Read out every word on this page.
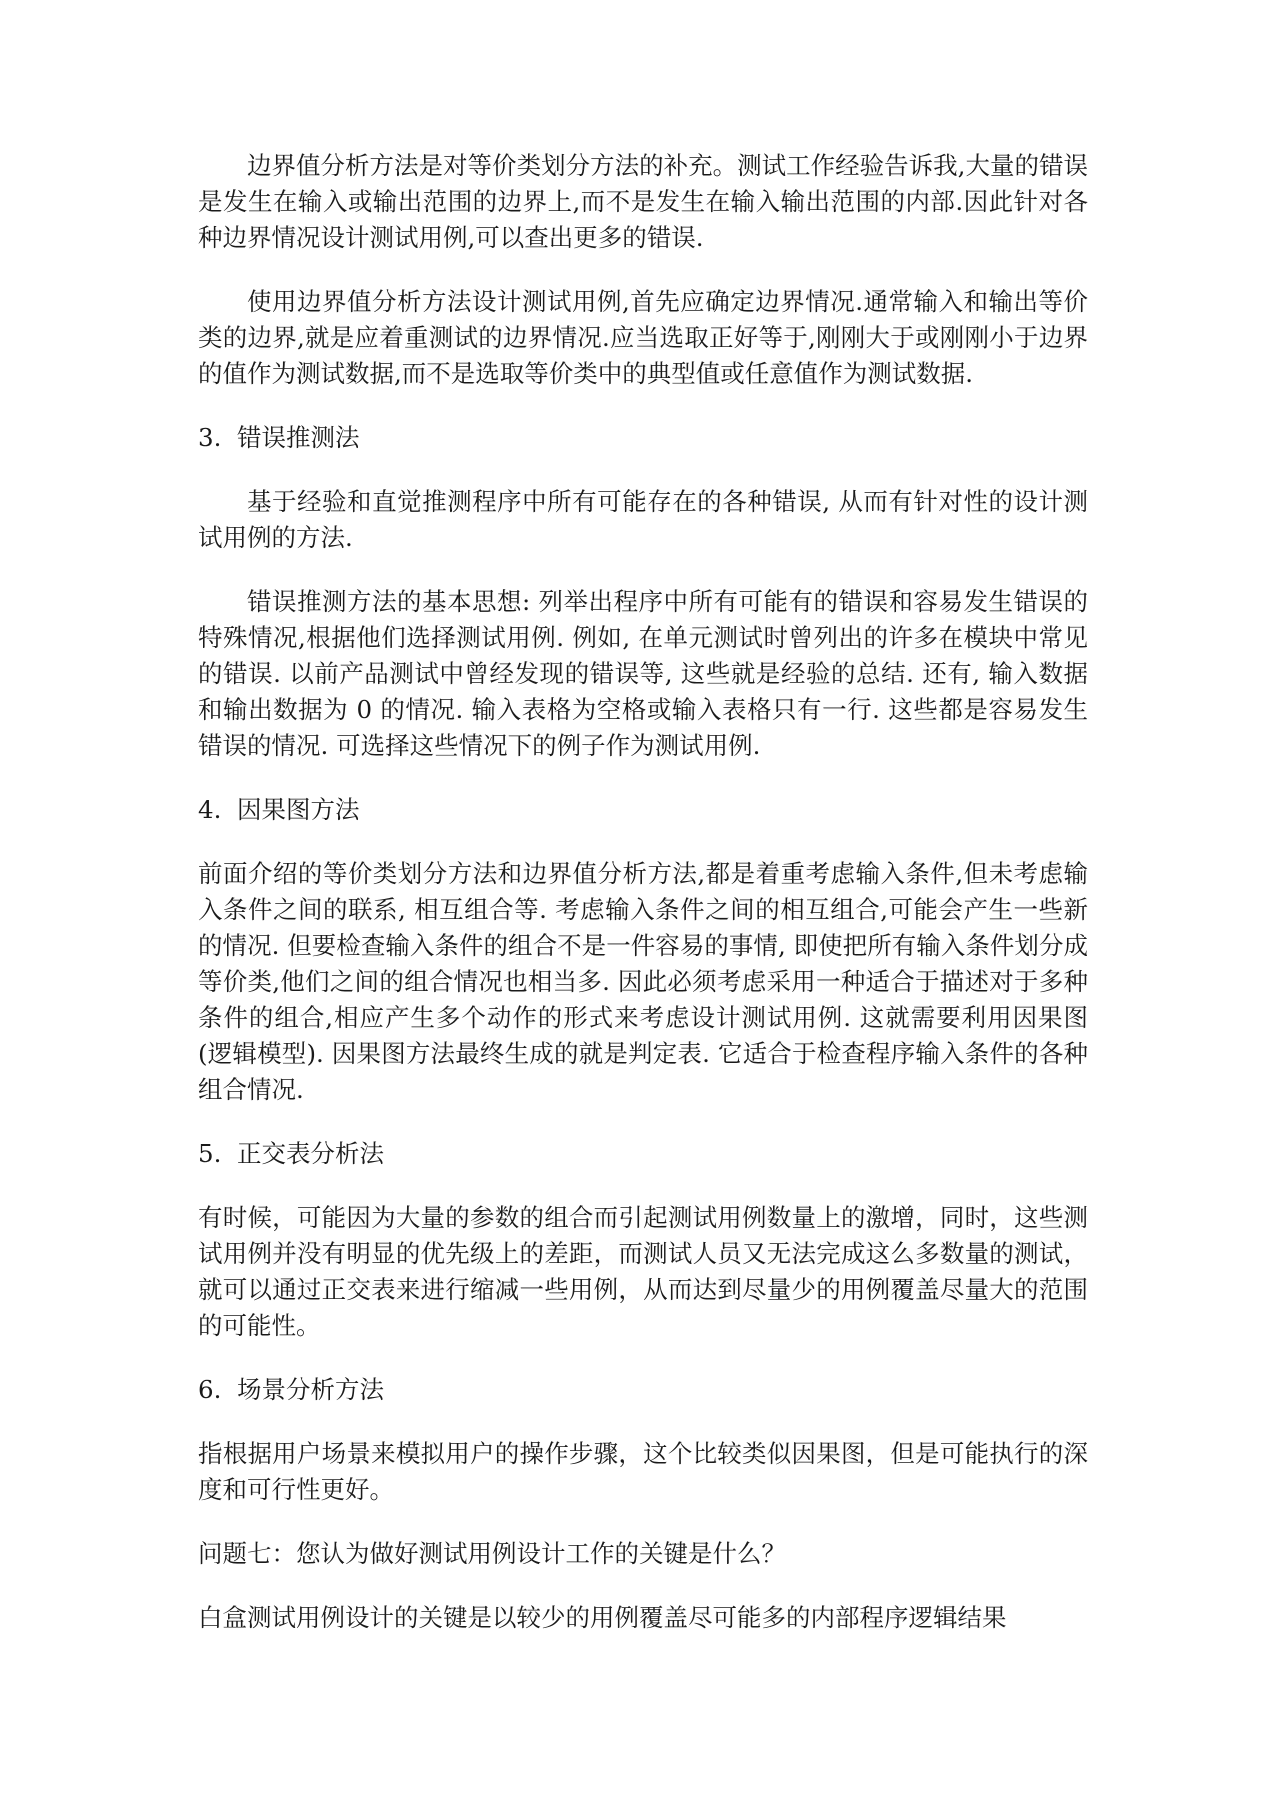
边界值分析方法是对等价类划分方法的补充。测试工作经验告诉我,大量的错误是发生在输入或输出范围的边界上,而不是发生在输入输出范围的内部.因此针对各种边界情况设计测试用例,可以查出更多的错误.

使用边界值分析方法设计测试用例,首先应确定边界情况.通常输入和输出等价类的边界,就是应着重测试的边界情况.应当选取正好等于,刚刚大于或刚刚小于边界的值作为测试数据,而不是选取等价类中的典型值或任意值作为测试数据.

3.  错误推测法

基于经验和直觉推测程序中所有可能存在的各种错误, 从而有针对性的设计测试用例的方法.

错误推测方法的基本思想: 列举出程序中所有可能有的错误和容易发生错误的特殊情况,根据他们选择测试用例. 例如, 在单元测试时曾列出的许多在模块中常见的错误. 以前产品测试中曾经发现的错误等, 这些就是经验的总结. 还有, 输入数据和输出数据为 0 的情况. 输入表格为空格或输入表格只有一行. 这些都是容易发生错误的情况. 可选择这些情况下的例子作为测试用例.

4.  因果图方法

前面介绍的等价类划分方法和边界值分析方法,都是着重考虑输入条件,但未考虑输入条件之间的联系, 相互组合等. 考虑输入条件之间的相互组合,可能会产生一些新的情况. 但要检查输入条件的组合不是一件容易的事情, 即使把所有输入条件划分成等价类,他们之间的组合情况也相当多. 因此必须考虑采用一种适合于描述对于多种条件的组合,相应产生多个动作的形式来考虑设计测试用例. 这就需要利用因果图(逻辑模型). 因果图方法最终生成的就是判定表. 它适合于检查程序输入条件的各种组合情况.

5.  正交表分析法

有时候，可能因为大量的参数的组合而引起测试用例数量上的激增，同时，这些测试用例并没有明显的优先级上的差距，而测试人员又无法完成这么多数量的测试，就可以通过正交表来进行缩减一些用例，从而达到尽量少的用例覆盖尽量大的范围的可能性。

6.  场景分析方法

指根据用户场景来模拟用户的操作步骤，这个比较类似因果图，但是可能执行的深度和可行性更好。

问题七：您认为做好测试用例设计工作的关键是什么？

白盒测试用例设计的关键是以较少的用例覆盖尽可能多的内部程序逻辑结果
